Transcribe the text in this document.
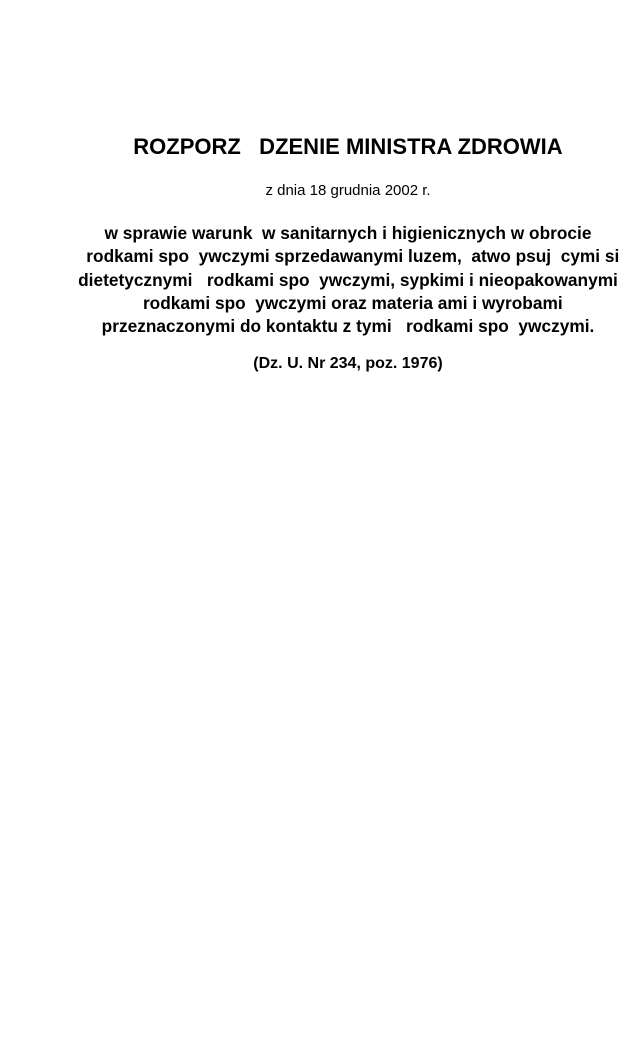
ROZPORZ   DZENIE MINISTRA ZDROWIA
z dnia 18 grudnia 2002 r.
w sprawie warunk  w sanitarnych i higienicznych w obrocie
rodkami spo  ywczymi sprzedawanymi luzem,  atwo psuj  cymi si
dietetycznymi   rodkami spo  ywczymi, sypkimi i nieopakowanymi
rodkami spo  ywczymi oraz materia ami i wyrobami
przeznaczonymi do kontaktu z tymi   rodkami spo  ywczymi.
(Dz. U. Nr 234, poz. 1976)
